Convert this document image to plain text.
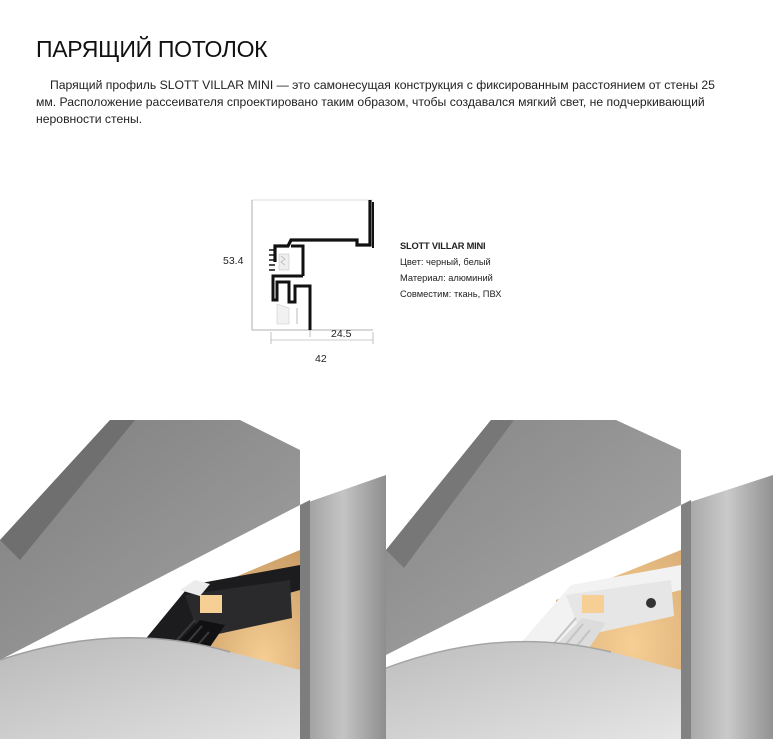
ПАРЯЩИЙ ПОТОЛОК

Парящий профиль SLOTT VILLAR MINI — это самонесущая конструкция с фиксированным расстоянием от стены 25 мм. Расположение рассеивателя спроектировано таким образом, чтобы создавался мягкий свет, не подчеркивающий неровности стены.

53.4
24.5
42
SLOTT VILLAR MINI
Цвет: черный, белый
Материал: алюминий
Совместим: ткань, ПВХ
